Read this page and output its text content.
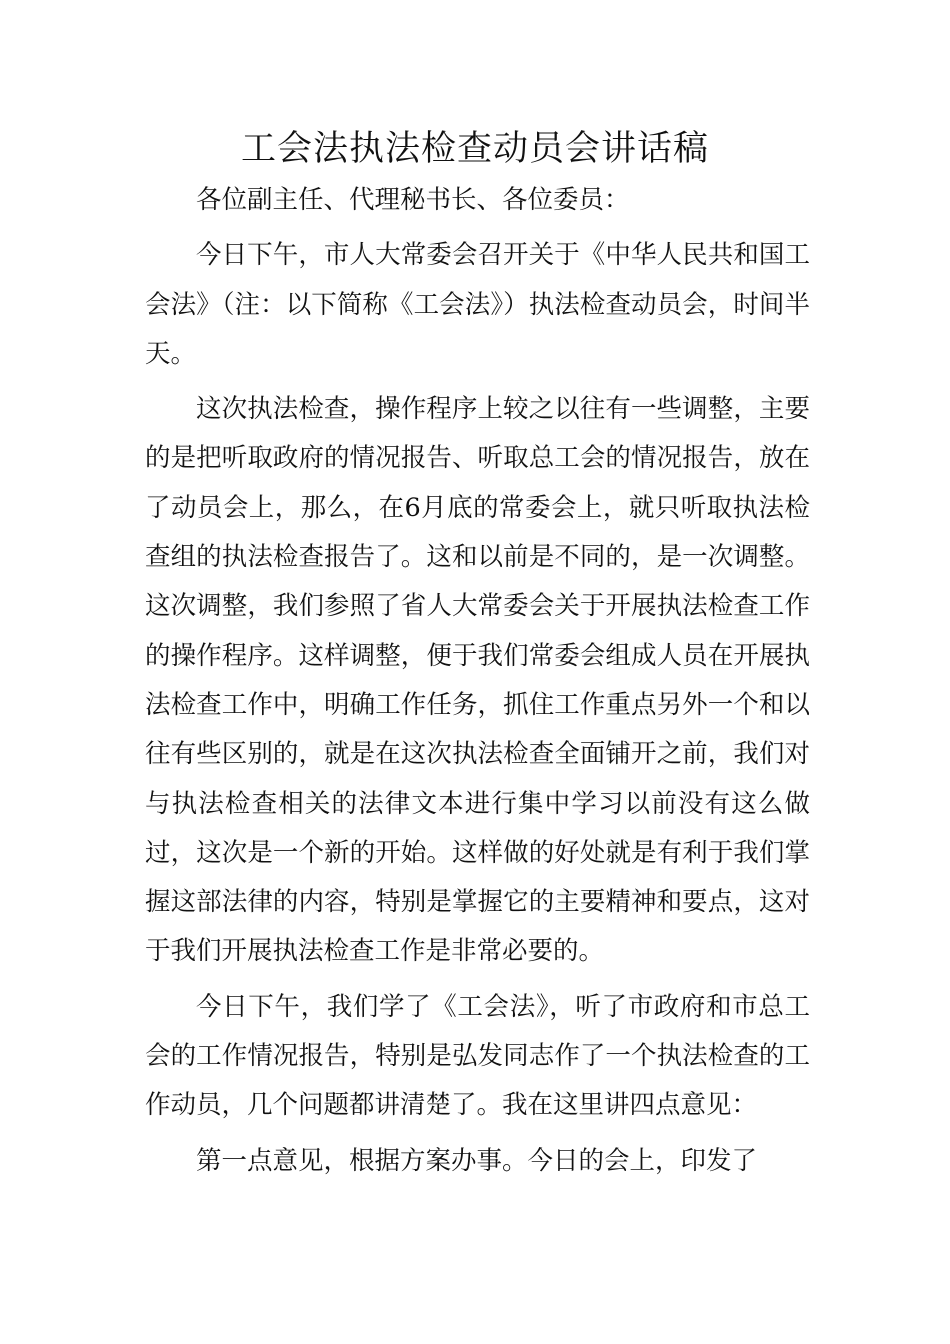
工会法执法检查动员会讲话稿

各位副主任、代理秘书长、各位委员：

今日下午，市人大常委会召开关于《中华人民共和国工会法》（注：以下简称《工会法》）执法检查动员会，时间半天。

这次执法检查，操作程序上较之以往有一些调整，主要的是把听取政府的情况报告、听取总工会的情况报告，放在了动员会上，那么，在6月底的常委会上，就只听取执法检查组的执法检查报告了。这和以前是不同的，是一次调整。这次调整，我们参照了省人大常委会关于开展执法检查工作的操作程序。这样调整，便于我们常委会组成人员在开展执法检查工作中，明确工作任务，抓住工作重点另外一个和以往有些区别的，就是在这次执法检查全面铺开之前，我们对与执法检查相关的法律文本进行集中学习以前没有这么做过，这次是一个新的开始。这样做的好处就是有利于我们掌握这部法律的内容，特别是掌握它的主要精神和要点，这对于我们开展执法检查工作是非常必要的。

今日下午，我们学了《工会法》，听了市政府和市总工会的工作情况报告，特别是弘发同志作了一个执法检查的工作动员，几个问题都讲清楚了。我在这里讲四点意见：

第一点意见，根据方案办事。今日的会上，印发了
